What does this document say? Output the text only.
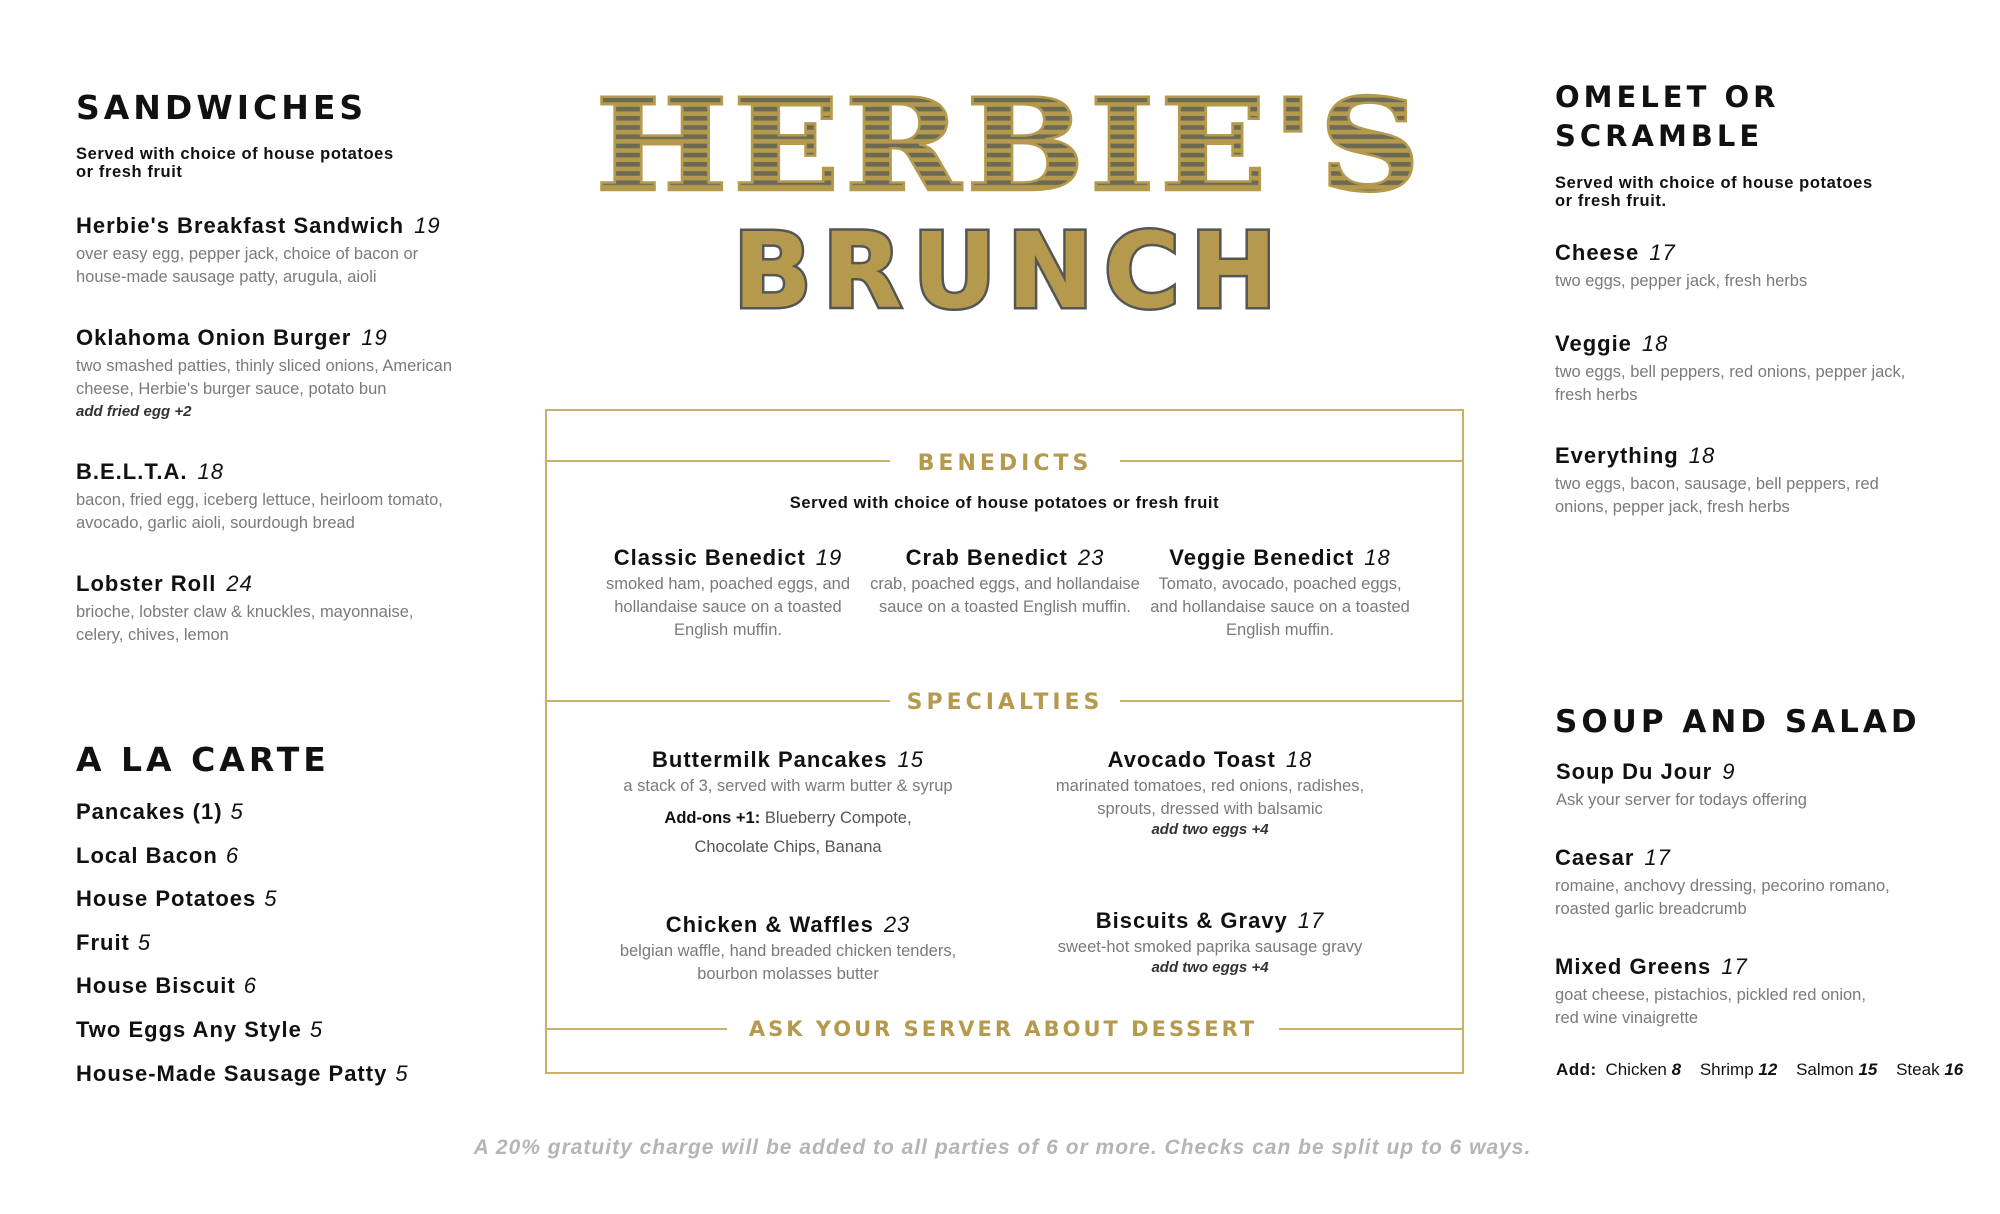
HERBIE'S
BRUNCH
SANDWICHES
Served with choice of house potatoes
or fresh fruit
Herbie's Breakfast Sandwich 19
over easy egg, pepper jack, choice of bacon or
house-made sausage patty, arugula, aioli
Oklahoma Onion Burger 19
two smashed patties, thinly sliced onions, American
cheese, Herbie's burger sauce, potato bun
add fried egg +2
B.E.L.T.A. 18
bacon, fried egg, iceberg lettuce, heirloom tomato,
avocado, garlic aioli, sourdough bread
Lobster Roll 24
brioche, lobster claw & knuckles, mayonnaise,
celery, chives, lemon
A LA CARTE
Pancakes (1) 5
Local Bacon 6
House Potatoes 5
Fruit 5
House Biscuit 6
Two Eggs Any Style 5
House-Made Sausage Patty 5
BENEDICTS
Served with choice of house potatoes or fresh fruit
Classic Benedict 19
smoked ham, poached eggs, and
hollandaise sauce on a toasted
English muffin.
Crab Benedict 23
crab, poached eggs, and hollandaise
sauce on a toasted English muffin.
Veggie Benedict 18
Tomato, avocado, poached eggs,
and hollandaise sauce on a toasted
English muffin.
SPECIALTIES
Buttermilk Pancakes 15
a stack of 3, served with warm butter & syrup
Add-ons +1: Blueberry Compote,
Chocolate Chips, Banana
Avocado Toast 18
marinated tomatoes, red onions, radishes,
sprouts, dressed with balsamic
add two eggs +4
Chicken & Waffles 23
belgian waffle, hand breaded chicken tenders,
bourbon molasses butter
Biscuits & Gravy 17
sweet-hot smoked paprika sausage gravy
add two eggs +4
ASK YOUR SERVER ABOUT DESSERT
OMELET OR
SCRAMBLE
Served with choice of house potatoes
or fresh fruit.
Cheese 17
two eggs, pepper jack, fresh herbs
Veggie 18
two eggs, bell peppers, red onions, pepper jack,
fresh herbs
Everything 18
two eggs, bacon, sausage, bell peppers, red
onions, pepper jack, fresh herbs
SOUP AND SALAD
Soup Du Jour 9
Ask your server for todays offering
Caesar 17
romaine, anchovy dressing, pecorino romano,
roasted garlic breadcrumb
Mixed Greens 17
goat cheese, pistachios, pickled red onion,
red wine vinaigrette
Add: Chicken 8 Shrimp 12 Salmon 15 Steak 16
A 20% gratuity charge will be added to all parties of 6 or more. Checks can be split up to 6 ways.
